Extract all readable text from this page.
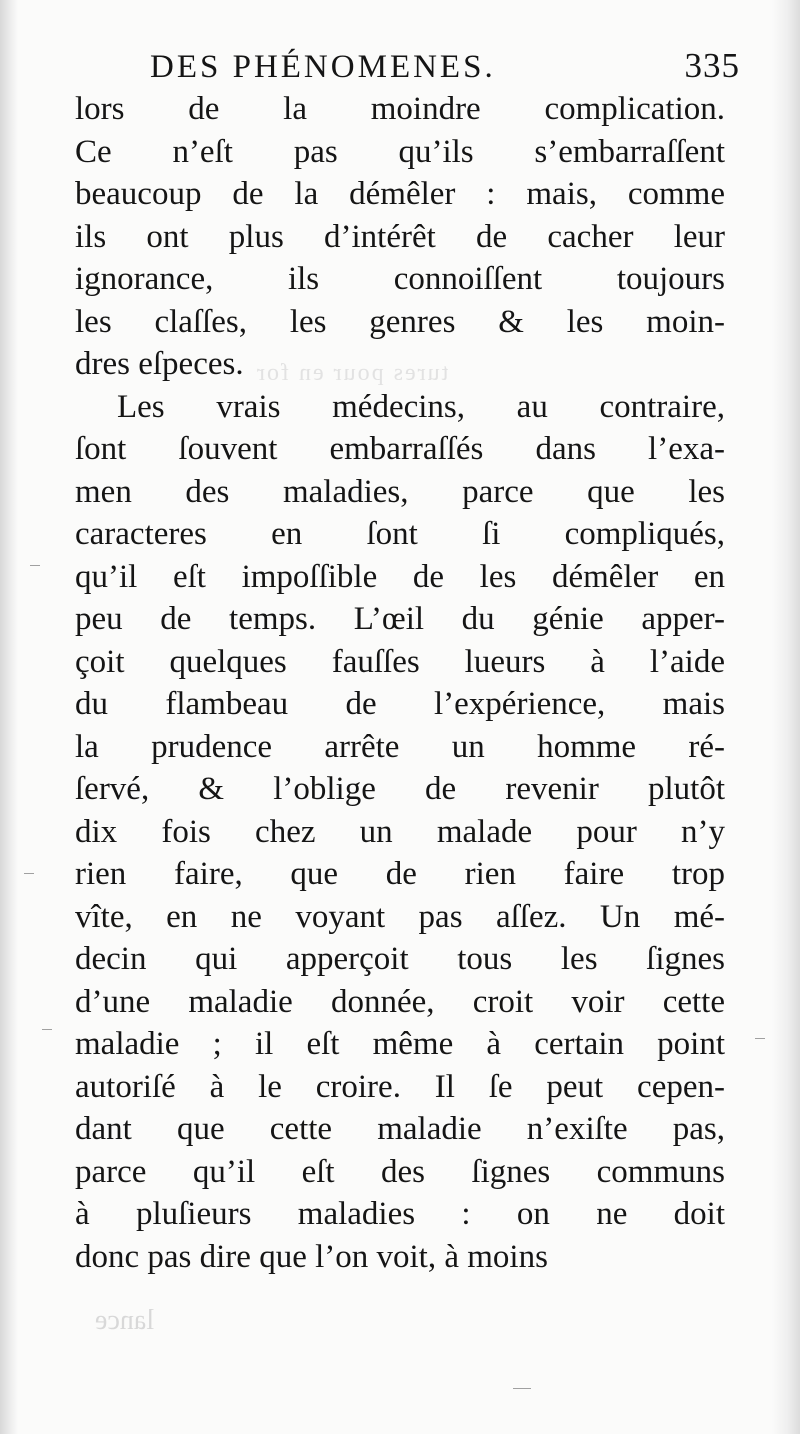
DES PHÉNOMENES.	335
lors de la moindre complication.
Ce n’eſt pas qu’ils s’embarraſſent
beaucoup de la démêler : mais, comme
ils ont plus d’intérêt de cacher leur
ignorance, ils connoiſſent toujours
les claſſes, les genres & les moin-
dres eſpeces.
Les vrais médecins, au contraire,
ſont ſouvent embarraſſés dans l’exa-
men des maladies, parce que les
caracteres en ſont ſi compliqués,
qu’il eſt impoſſible de les démêler en
peu de temps. L’œil du génie apper-
çoit quelques fauſſes lueurs à l’aide
du flambeau de l’expérience, mais
la prudence arrête un homme ré-
ſervé, & l’oblige de revenir plutôt
dix fois chez un malade pour n’y
rien faire, que de rien faire trop
vîte, en ne voyant pas aſſez. Un mé-
decin qui apperçoit tous les ſignes
d’une maladie donnée, croit voir cette
maladie ; il eſt même à certain point
autoriſé à le croire. Il ſe peut cepen-
dant que cette maladie n’exiſte pas,
parce qu’il eſt des ſignes communs
à pluſieurs maladies : on ne doit
donc pas dire que l’on voit, à moins
lance
tures pour en for
